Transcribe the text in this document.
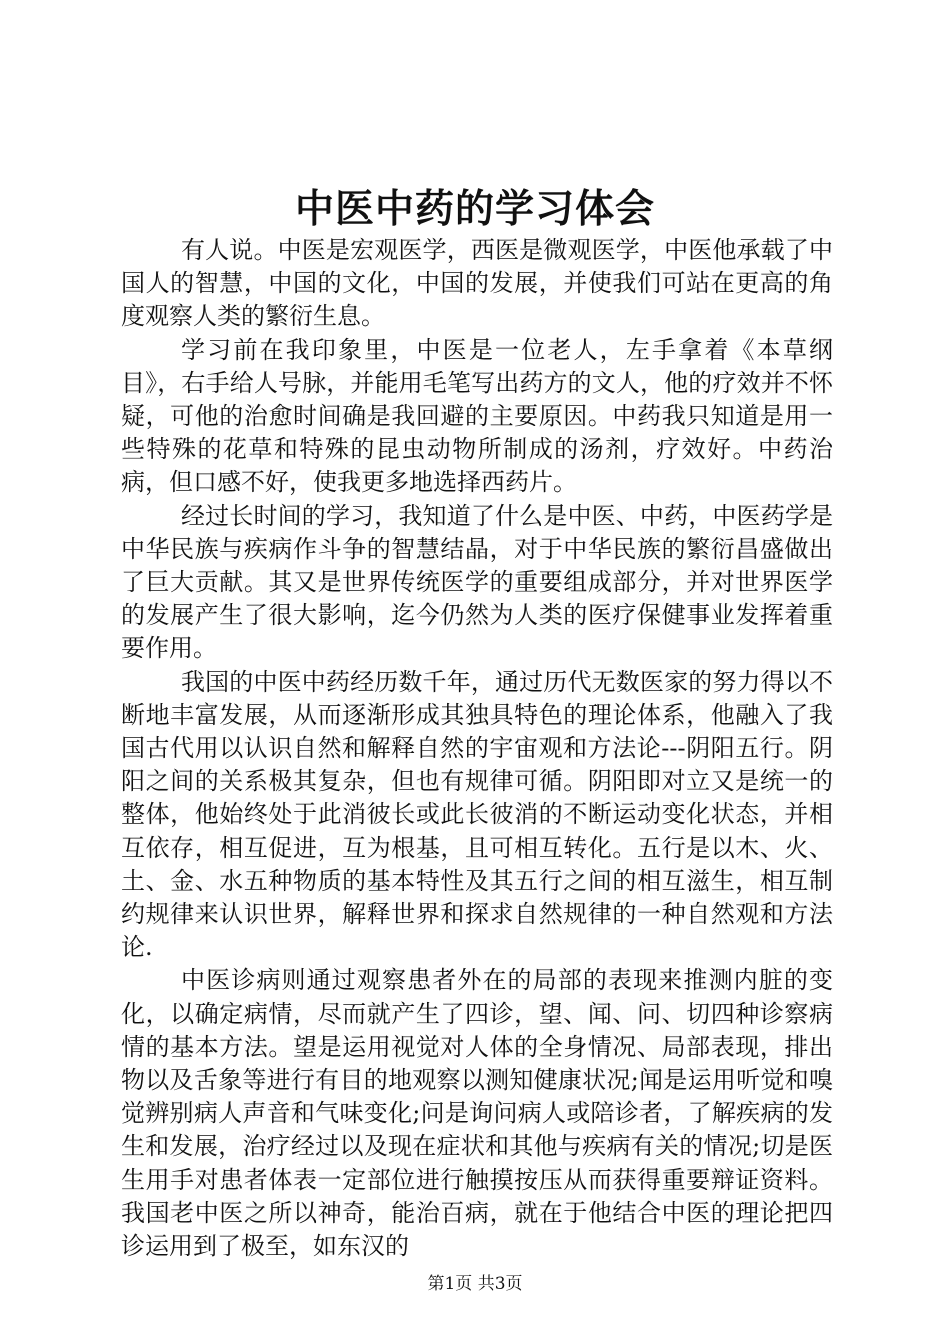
中医中药的学习体会

有人说。中医是宏观医学，西医是微观医学，中医他承载了中国人的智慧，中国的文化，中国的发展，并使我们可站在更高的角度观察人类的繁衍生息。

学习前在我印象里，中医是一位老人，左手拿着《本草纲目》，右手给人号脉，并能用毛笔写出药方的文人，他的疗效并不怀疑，可他的治愈时间确是我回避的主要原因。中药我只知道是用一些特殊的花草和特殊的昆虫动物所制成的汤剂，疗效好。中药治病，但口感不好，使我更多地选择西药片。

经过长时间的学习，我知道了什么是中医、中药，中医药学是中华民族与疾病作斗争的智慧结晶，对于中华民族的繁衍昌盛做出了巨大贡献。其又是世界传统医学的重要组成部分，并对世界医学的发展产生了很大影响，迄今仍然为人类的医疗保健事业发挥着重要作用。

我国的中医中药经历数千年，通过历代无数医家的努力得以不断地丰富发展，从而逐渐形成其独具特色的理论体系，他融入了我国古代用以认识自然和解释自然的宇宙观和方法论---阴阳五行。阴阳之间的关系极其复杂，但也有规律可循。阴阳即对立又是统一的整体，他始终处于此消彼长或此长彼消的不断运动变化状态，并相互依存，相互促进，互为根基，且可相互转化。五行是以木、火、土、金、水五种物质的基本特性及其五行之间的相互滋生，相互制约规律来认识世界，解释世界和探求自然规律的一种自然观和方法论.

中医诊病则通过观察患者外在的局部的表现来推测内脏的变化，以确定病情，尽而就产生了四诊，望、闻、问、切四种诊察病情的基本方法。望是运用视觉对人体的全身情况、局部表现，排出物以及舌象等进行有目的地观察以测知健康状况;闻是运用听觉和嗅觉辨别病人声音和气味变化;问是询问病人或陪诊者，了解疾病的发生和发展，治疗经过以及现在症状和其他与疾病有关的情况;切是医生用手对患者体表一定部位进行触摸按压从而获得重要辩证资料。我国老中医之所以神奇，能治百病，就在于他结合中医的理论把四诊运用到了极至，如东汉的

第1页 共3页
